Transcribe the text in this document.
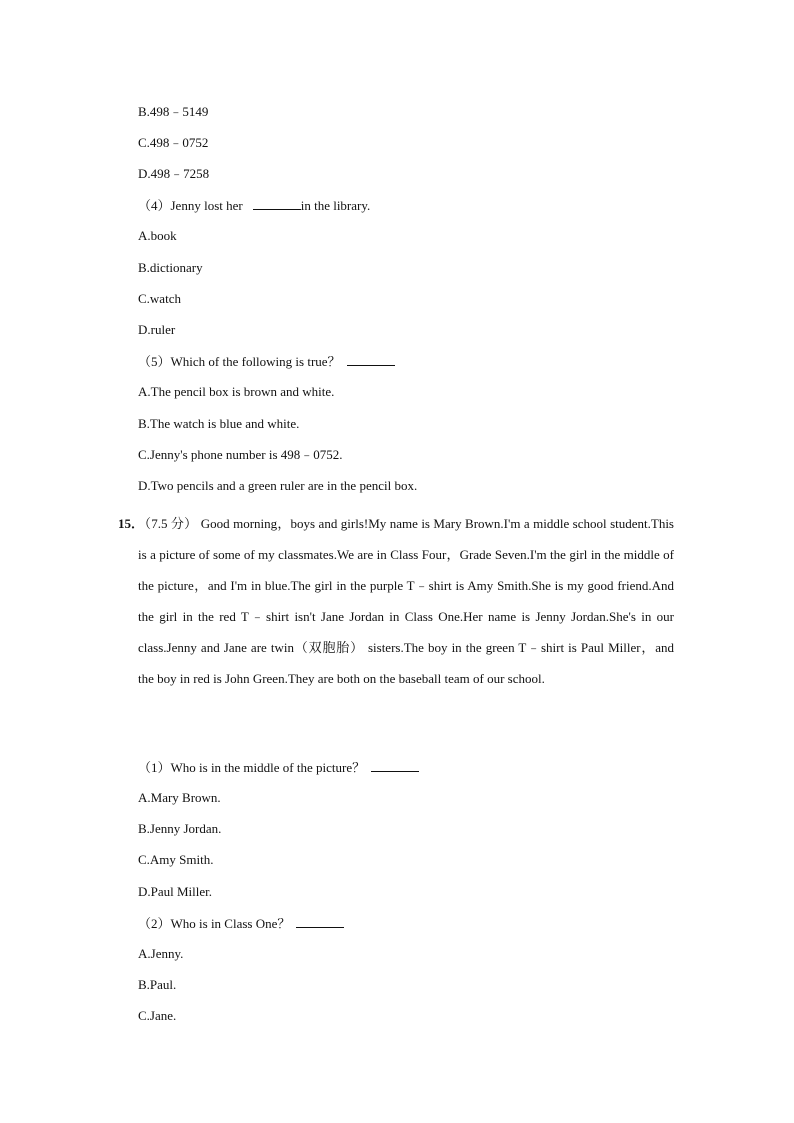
B.498﹣5149
C.498﹣0752
D.498﹣7258
（4）Jenny lost her	in the library.
A.book
B.dictionary
C.watch
D.ruler
（5）Which of the following is true？
A.The pencil box is brown and white.
B.The watch is blue and white.
C.Jenny's phone number is 498﹣0752.
D.Two pencils and a green ruler are in the pencil box.
15．
（7.5 分） Good morning，boys and girls!My name is Mary Brown.I'm a middle school student.This is a picture of some of my classmates.We are in Class Four，Grade Seven.I'm the girl in the middle of the picture，and I'm in blue.The girl in the purple T﹣shirt is Amy Smith.She is my good friend.And the girl in the red T﹣shirt isn't Jane Jordan in Class One.Her name is Jenny Jordan.She's in our class.Jenny and Jane are twin（双胞胎） sisters.The boy in the green T﹣shirt is Paul Miller，and the boy in red is John Green.They are both on the baseball team of our school.
（1）Who is in the middle of the picture？
A.Mary Brown.
B.Jenny Jordan.
C.Amy Smith.
D.Paul Miller.
（2）Who is in Class One？
A.Jenny.
B.Paul.
C.Jane.
